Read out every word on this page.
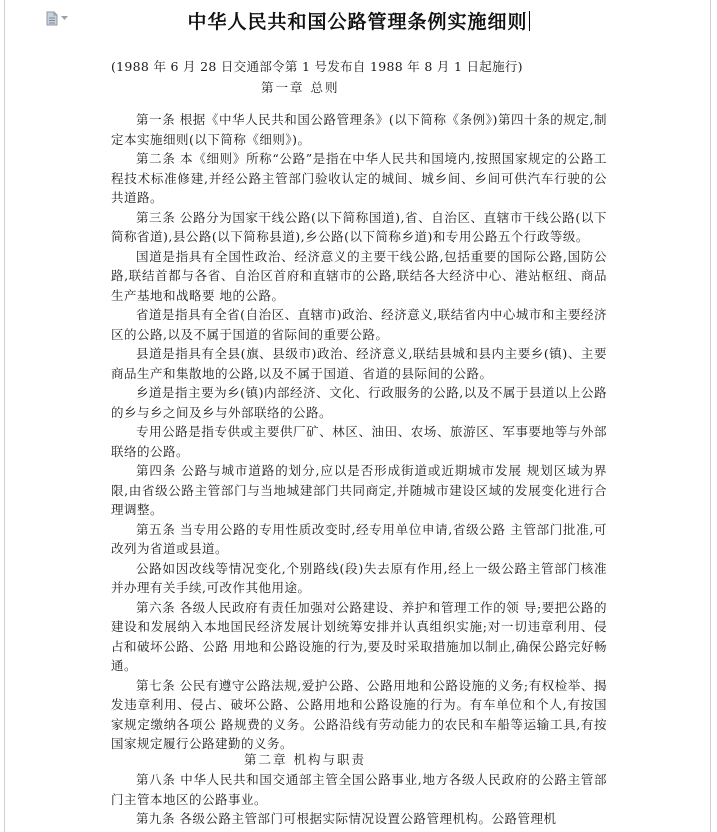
中华人民共和国公路管理条例实施细则
(1988 年 6 月 28 日交通部令第 1 号发布自 1988 年 8 月 1 日起施行)
第一章 总则

第一条 根据《中华人民共和国公路管理条》(以下简称《条例》)第四十条的规定,制定本实施细则(以下简称《细则》)。

第二条 本《细则》所称“公路”是指在中华人民共和国境内,按照国家规定的公路工程技术标准修建,并经公路主管部门验收认定的城间、城乡间、乡间可供汽车行驶的公共道路。

第三条 公路分为国家干线公路(以下简称国道),省、自治区、直辖市干线公路(以下简称省道),县公路(以下简称县道),乡公路(以下简称乡道)和专用公路五个行政等级。

国道是指具有全国性政治、经济意义的主要干线公路,包括重要的国际公路,国防公路,联结首都与各省、自治区首府和直辖市的公路,联结各大经济中心、港站枢纽、商品生产基地和战略要 地的公路。

省道是指具有全省(自治区、直辖市)政治、经济意义,联结省内中心城市和主要经济区的公路,以及不属于国道的省际间的重要公路。

县道是指具有全县(旗、县级市)政治、经济意义,联结县城和县内主要乡(镇)、主要商品生产和集散地的公路,以及不属于国道、省道的县际间的公路。

乡道是指主要为乡(镇)内部经济、文化、行政服务的公路,以及不属于县道以上公路的乡与乡之间及乡与外部联络的公路。

专用公路是指专供或主要供厂矿、林区、油田、农场、旅游区、军事要地等与外部联络的公路。

第四条 公路与城市道路的划分,应以是否形成街道或近期城市发展 规划区域为界限,由省级公路主管部门与当地城建部门共同商定,并随城市建设区域的发展变化进行合理调整。

第五条 当专用公路的专用性质改变时,经专用单位申请,省级公路 主管部门批准,可改列为省道或县道。

公路如因改线等情况变化,个别路线(段)失去原有作用,经上一级公路主管部门核准并办理有关手续,可改作其他用途。

第六条 各级人民政府有责任加强对公路建设、养护和管理工作的领 导;要把公路的建设和发展纳入本地国民经济发展计划统筹安排并认真组织实施;对一切违章利用、侵占和破坏公路、公路 用地和公路设施的行为,要及时采取措施加以制止,确保公路完好畅通。

第七条 公民有遵守公路法规,爱护公路、公路用地和公路设施的义务;有权检举、揭发违章利用、侵占、破坏公路、公路用地和公路设施的行为。有车单位和个人,有按国家规定缴纳各项公 路规费的义务。公路沿线有劳动能力的农民和车船等运输工具,有按国家规定履行公路建勤的义务。

第二章 机构与职责

第八条 中华人民共和国交通部主管全国公路事业,地方各级人民政府的公路主管部门主管本地区的公路事业。

第九条 各级公路主管部门可根据实际情况设置公路管理机构。公路管理机
